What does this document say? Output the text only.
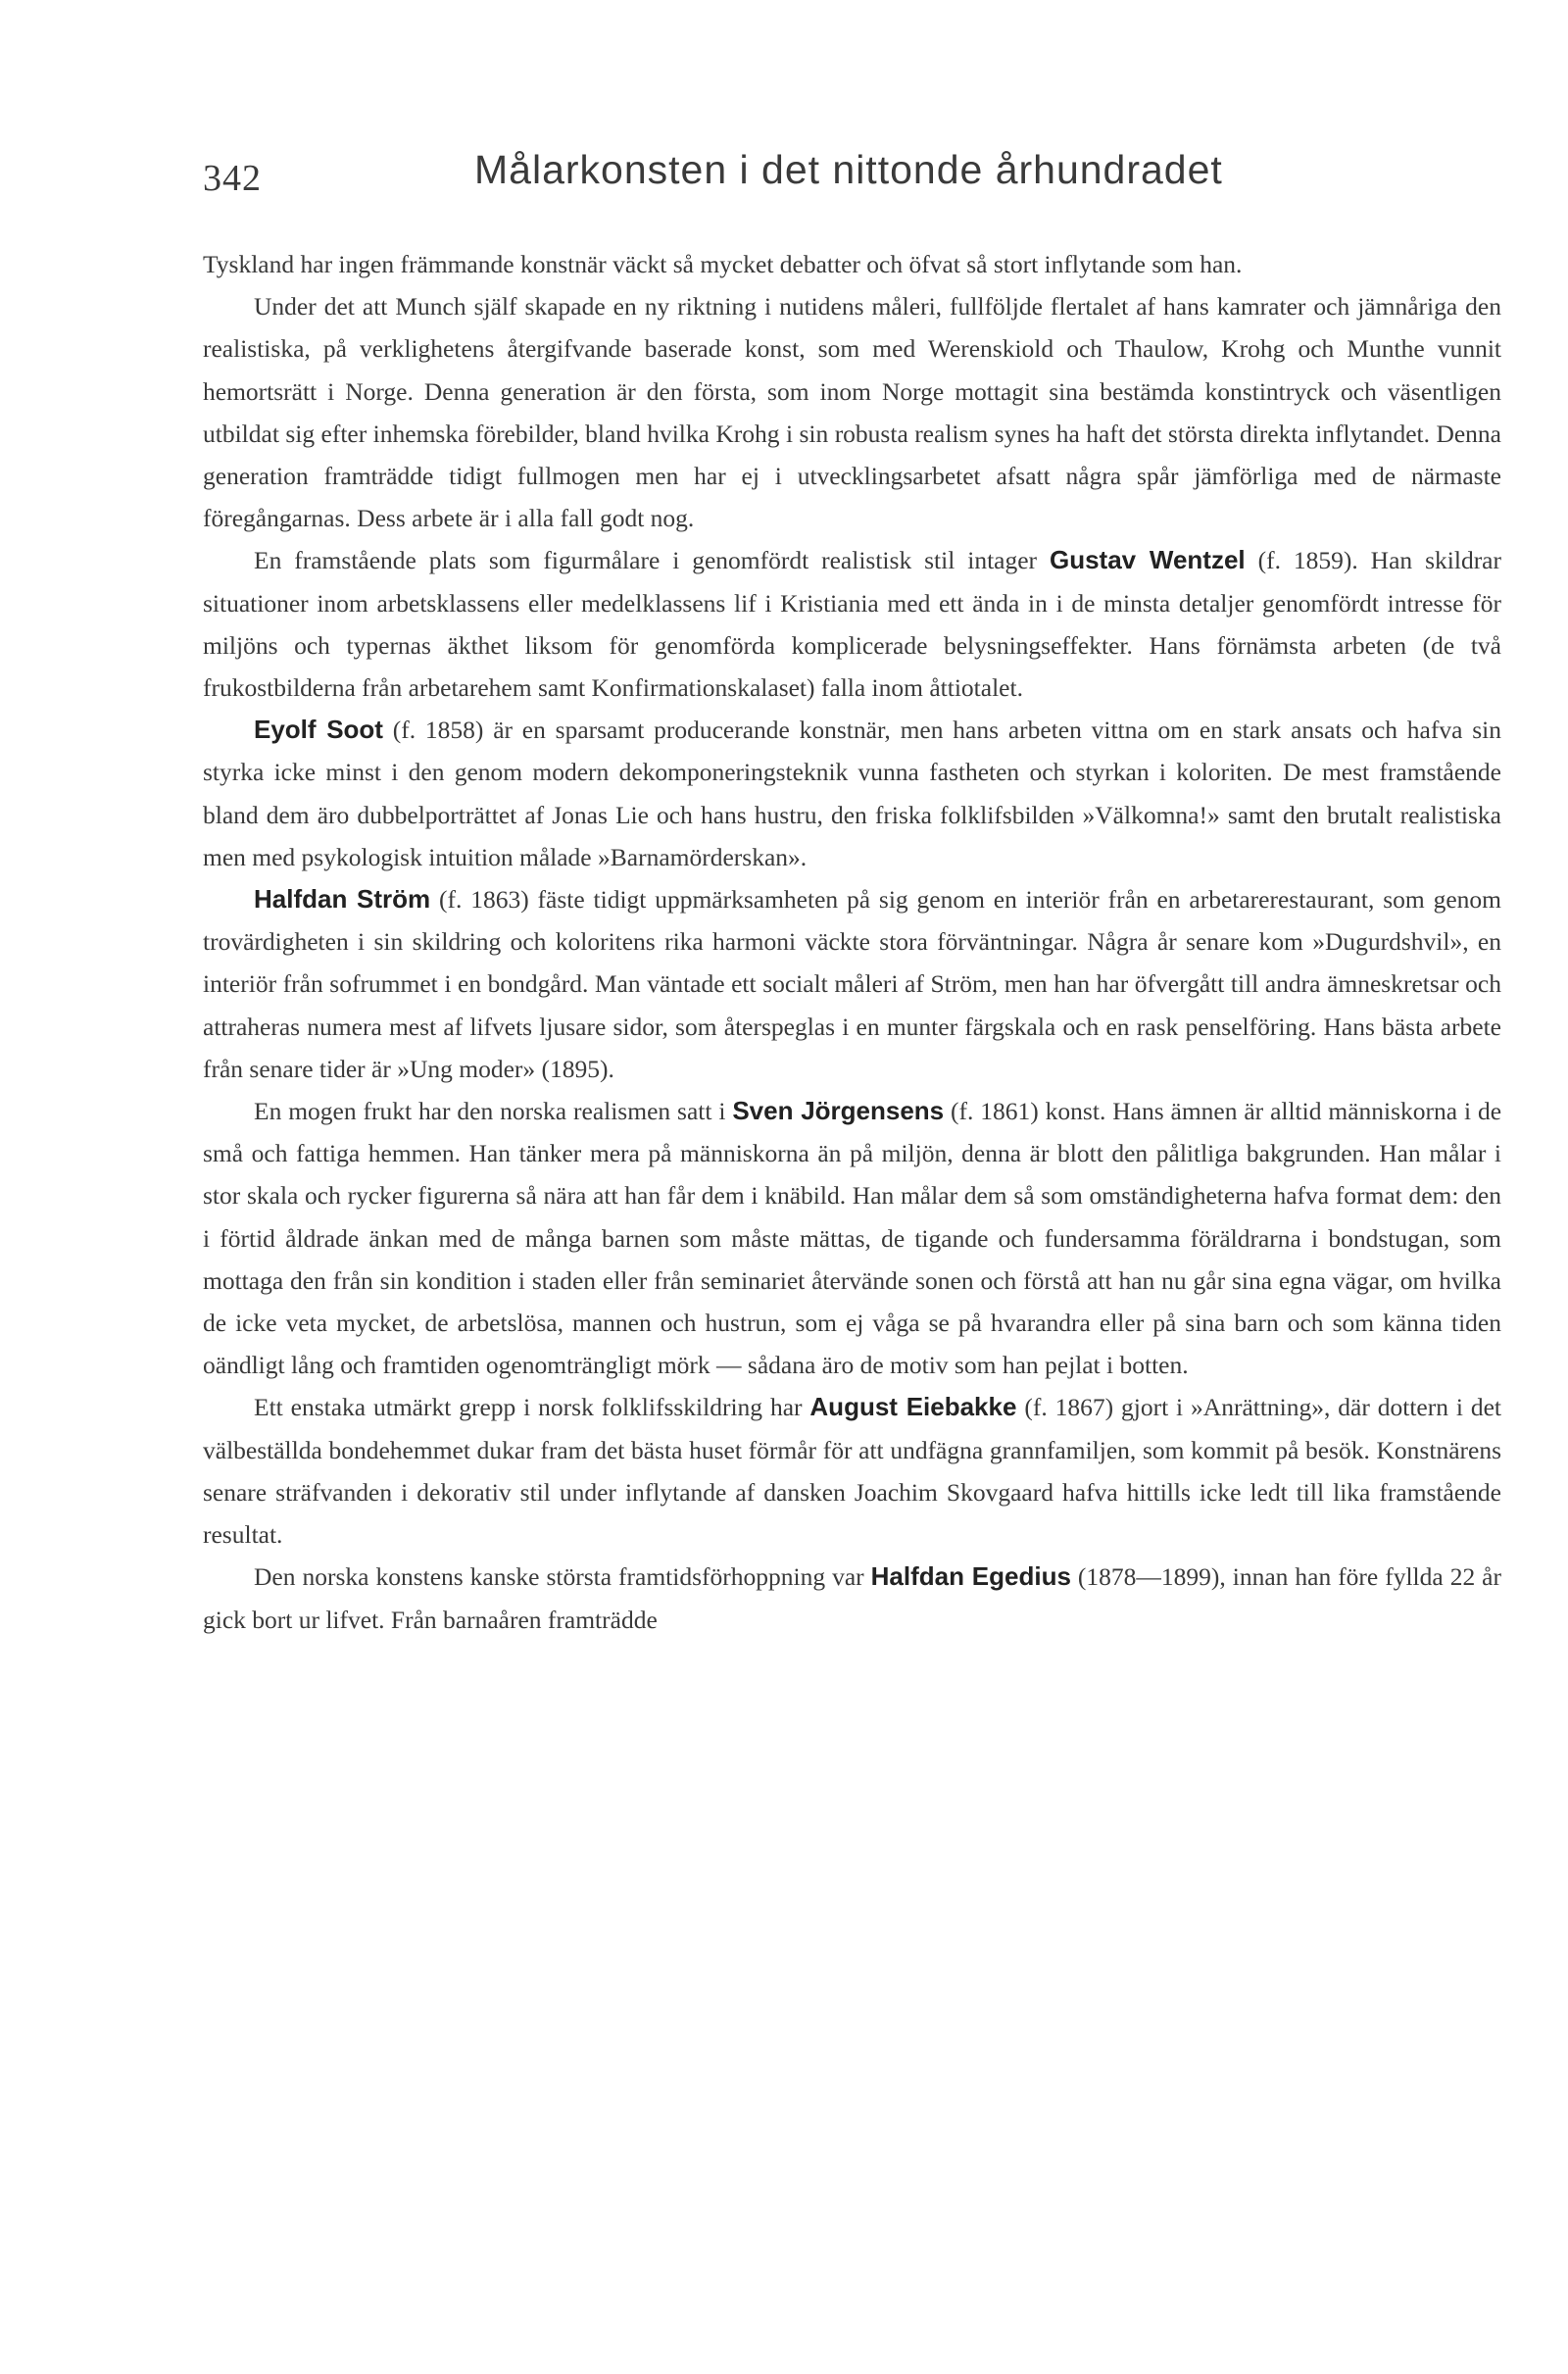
342	Målarkonsten i det nittonde århundradet

Tyskland har ingen främmande konstnär väckt så mycket debatter och öfvat så stort inflytande som han.

Under det att Munch själf skapade en ny riktning i nutidens måleri, fullföljde flertalet af hans kamrater och jämnåriga den realistiska, på verklighetens återgifvande baserade konst, som med Werenskiold och Thaulow, Krohg och Munthe vunnit hemortsrätt i Norge. Denna generation är den första, som inom Norge mottagit sina bestämda konstintryck och väsentligen utbildat sig efter inhemska förebilder, bland hvilka Krohg i sin robusta realism synes ha haft det största direkta inflytandet. Denna generation framträdde tidigt fullmogen men har ej i utvecklingsarbetet afsatt några spår jämförliga med de närmaste föregångarnas. Dess arbete är i alla fall godt nog.

En framstående plats som figurmålare i genomfördt realistisk stil intager Gustav Wentzel (f. 1859). Han skildrar situationer inom arbetsklassens eller medelklassens lif i Kristiania med ett ända in i de minsta detaljer genomfördt intresse för miljöns och typernas äkthet liksom för genomförda komplicerade belysningseffekter. Hans förnämsta arbeten (de två frukostbilderna från arbetarehem samt Konfirmationskalaset) falla inom åttiotalet.

Eyolf Soot (f. 1858) är en sparsamt producerande konstnär, men hans arbeten vittna om en stark ansats och hafva sin styrka icke minst i den genom modern dekomponeringsteknik vunna fastheten och styrkan i koloriten. De mest framstående bland dem äro dubbelporträttet af Jonas Lie och hans hustru, den friska folklifsbilden »Välkomna!» samt den brutalt realistiska men med psykologisk intuition målade »Barnamörderskan».

Halfdan Ström (f. 1863) fäste tidigt uppmärksamheten på sig genom en interiör från en arbetarerestaurant, som genom trovärdigheten i sin skildring och koloritens rika harmoni väckte stora förväntningar. Några år senare kom »Dugurdshvil», en interiör från sofrummet i en bondgård. Man väntade ett socialt måleri af Ström, men han har öfvergått till andra ämneskretsar och attraheras numera mest af lifvets ljusare sidor, som återspeglas i en munter färgskala och en rask penselföring. Hans bästa arbete från senare tider är »Ung moder» (1895).

En mogen frukt har den norska realismen satt i Sven Jörgensens (f. 1861) konst. Hans ämnen är alltid människorna i de små och fattiga hemmen. Han tänker mera på människorna än på miljön, denna är blott den pålitliga bakgrunden. Han målar i stor skala och rycker figurerna så nära att han får dem i knäbild. Han målar dem så som omständigheterna hafva format dem: den i förtid åldrade änkan med de många barnen som måste mättas, de tigande och fundersamma föräldrarna i bondstugan, som mottaga den från sin kondition i staden eller från seminariet återvände sonen och förstå att han nu går sina egna vägar, om hvilka de icke veta mycket, de arbetslösa, mannen och hustrun, som ej våga se på hvarandra eller på sina barn och som känna tiden oändligt lång och framtiden ogenomträngligt mörk — sådana äro de motiv som han pejlat i botten.

Ett enstaka utmärkt grepp i norsk folklifsskildring har August Eiebakke (f. 1867) gjort i »Anrättning», där dottern i det välbeställda bondehemmet dukar fram det bästa huset förmår för att undfägna grannfamiljen, som kommit på besök. Konstnärens senare sträfvanden i dekorativ stil under inflytande af dansken Joachim Skovgaard hafva hittills icke ledt till lika framstående resultat.

Den norska konstens kanske största framtidsförhoppning var Halfdan Egedius (1878—1899), innan han före fyllda 22 år gick bort ur lifvet. Från barnaåren framträdde
